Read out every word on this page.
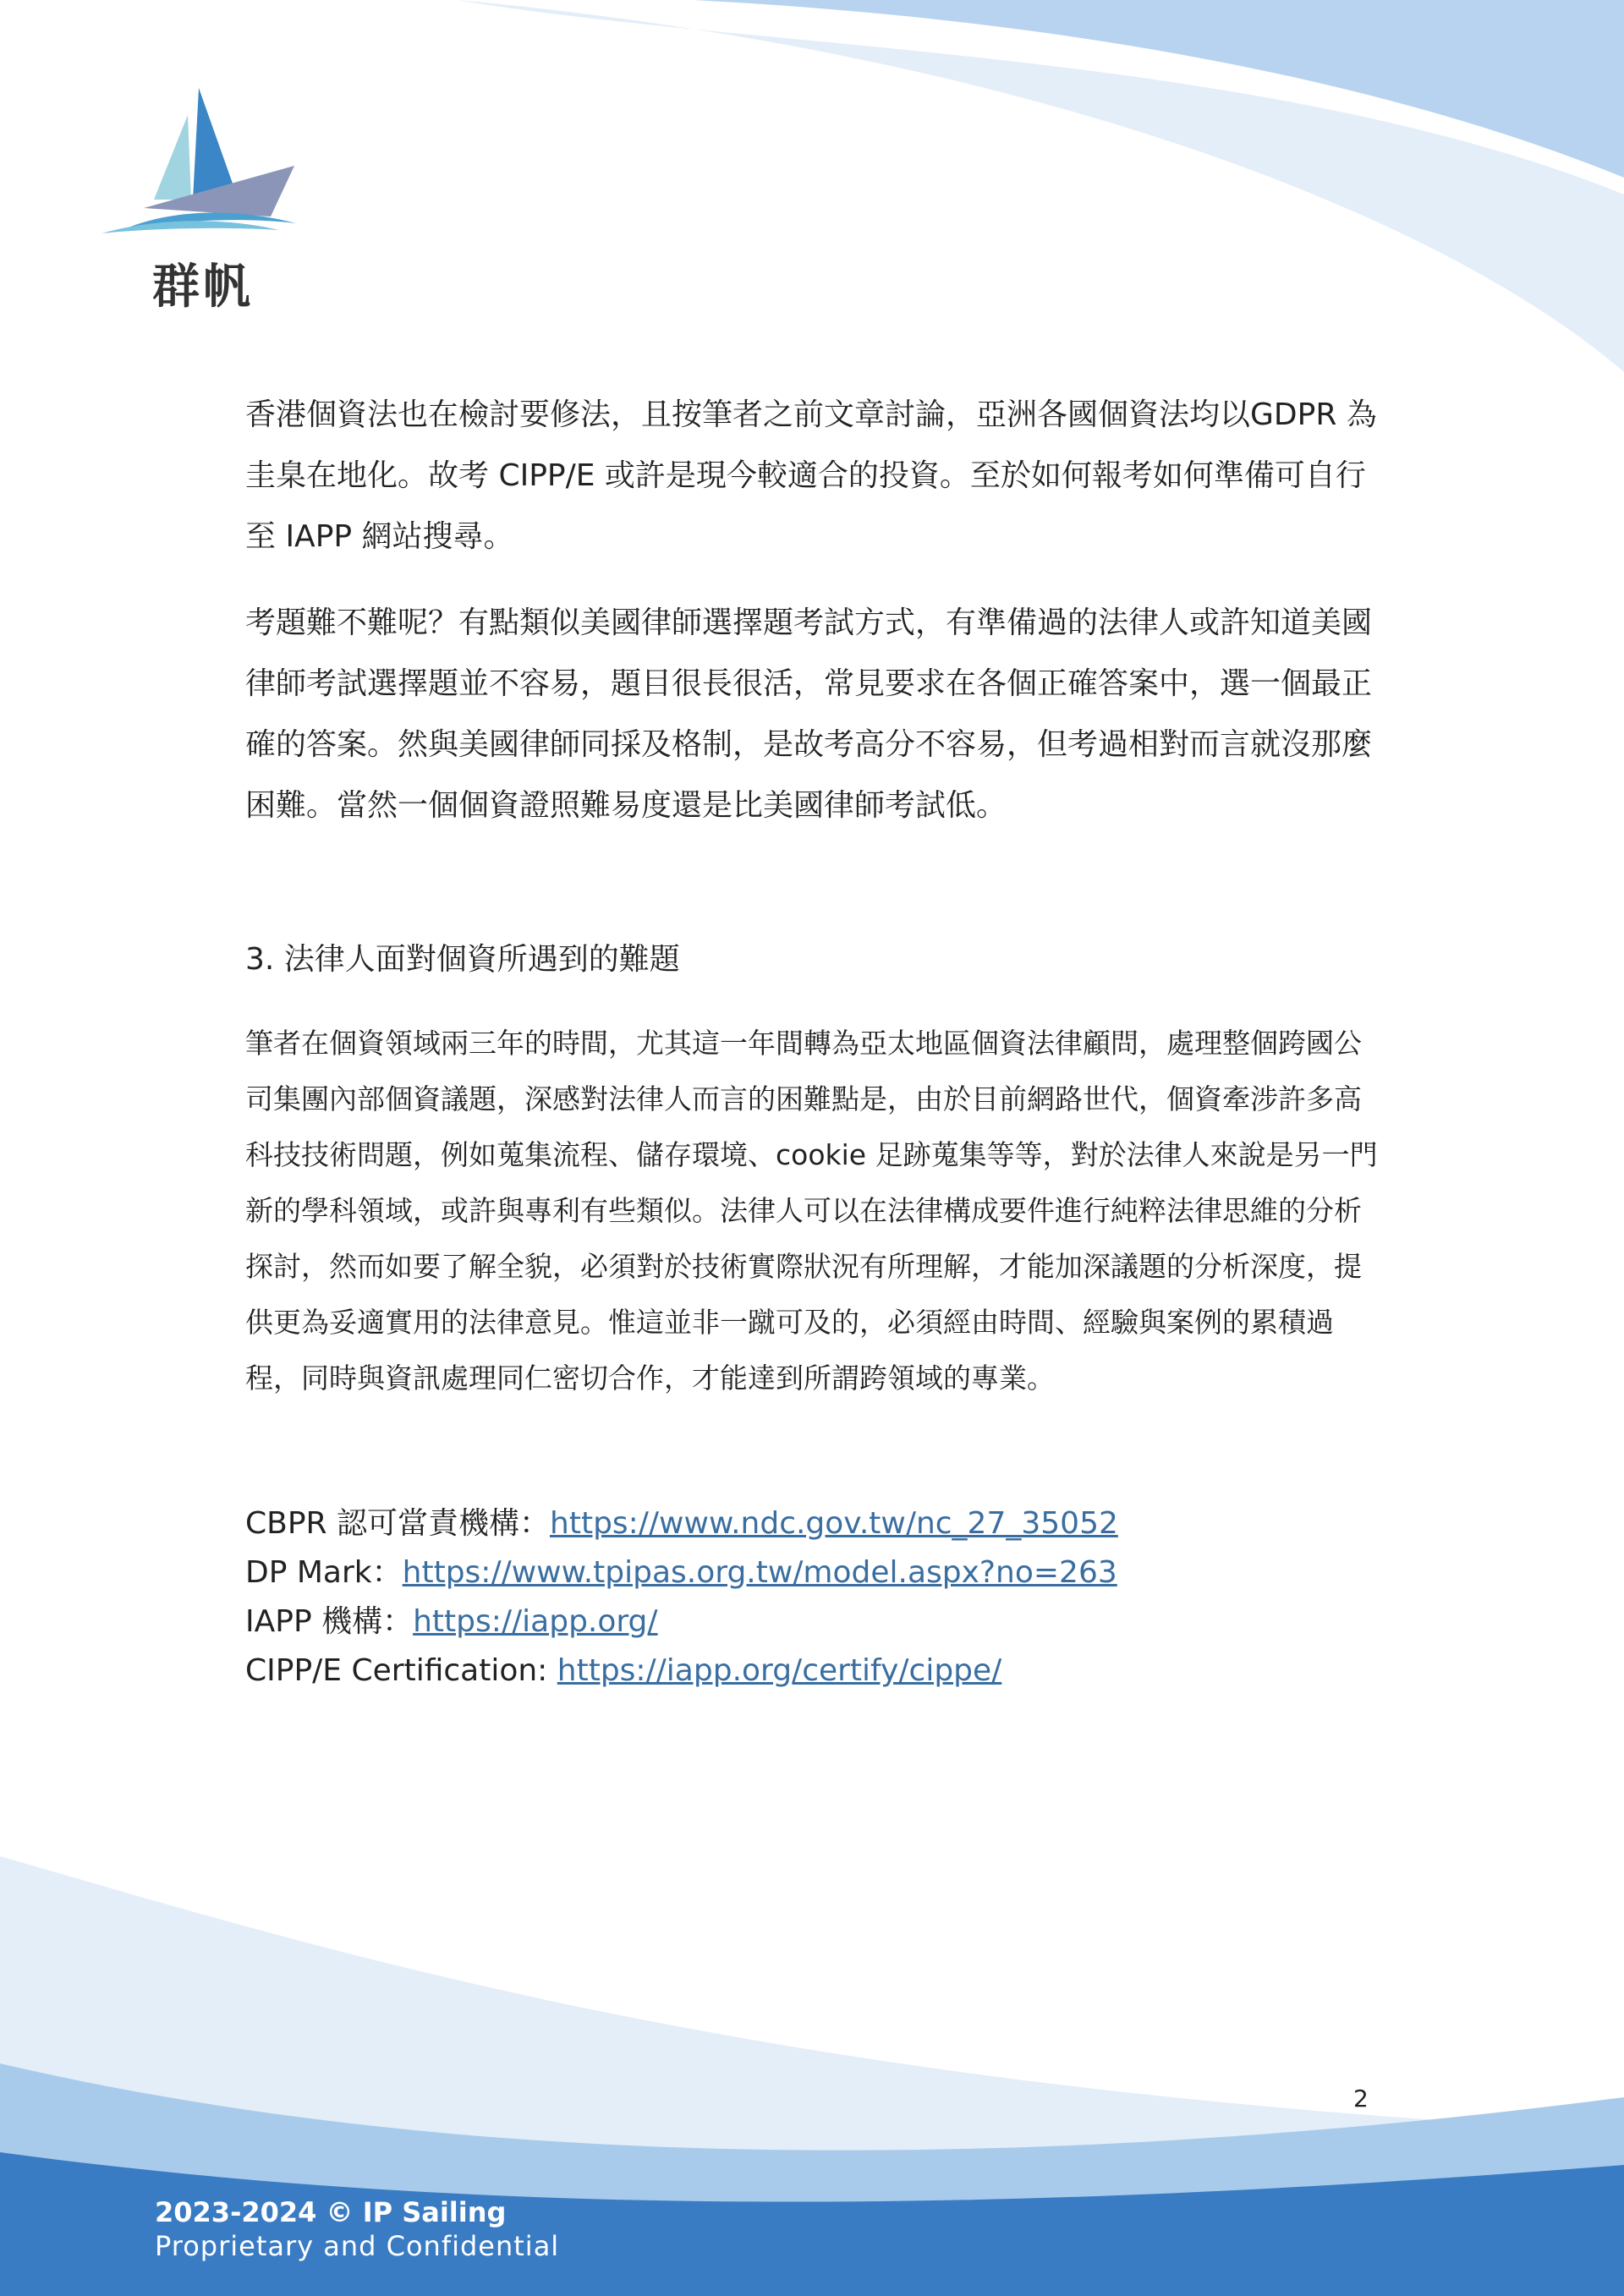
群帆

香港個資法也在檢討要修法，且按筆者之前文章討論，亞洲各國個資法均以GDPR 為圭臬在地化。故考 CIPP/E 或許是現今較適合的投資。至於如何報考如何準備可自行至 IAPP 網站搜尋。

考題難不難呢？有點類似美國律師選擇題考試方式，有準備過的法律人或許知道美國律師考試選擇題並不容易，題目很長很活，常見要求在各個正確答案中，選一個最正確的答案。然與美國律師同採及格制，是故考高分不容易，但考過相對而言就沒那麼困難。當然一個個資證照難易度還是比美國律師考試低。

3. 法律人面對個資所遇到的難題

筆者在個資領域兩三年的時間，尤其這一年間轉為亞太地區個資法律顧問，處理整個跨國公司集團內部個資議題，深感對法律人而言的困難點是，由於目前網路世代，個資牽涉許多高科技技術問題，例如蒐集流程、儲存環境、cookie 足跡蒐集等等，對於法律人來說是另一門新的學科領域，或許與專利有些類似。法律人可以在法律構成要件進行純粹法律思維的分析探討，然而如要了解全貌，必須對於技術實際狀況有所理解，才能加深議題的分析深度，提供更為妥適實用的法律意見。惟這並非一蹴可及的，必須經由時間、經驗與案例的累積過程，同時與資訊處理同仁密切合作，才能達到所謂跨領域的專業。

CBPR 認可當責機構：https://www.ndc.gov.tw/nc_27_35052
DP Mark：https://www.tpipas.org.tw/model.aspx?no=263
IAPP 機構：https://iapp.org/
CIPP/E Certification: https://iapp.org/certify/cippe/
2
2023-2024 © IP Sailing
Proprietary and Confidential
